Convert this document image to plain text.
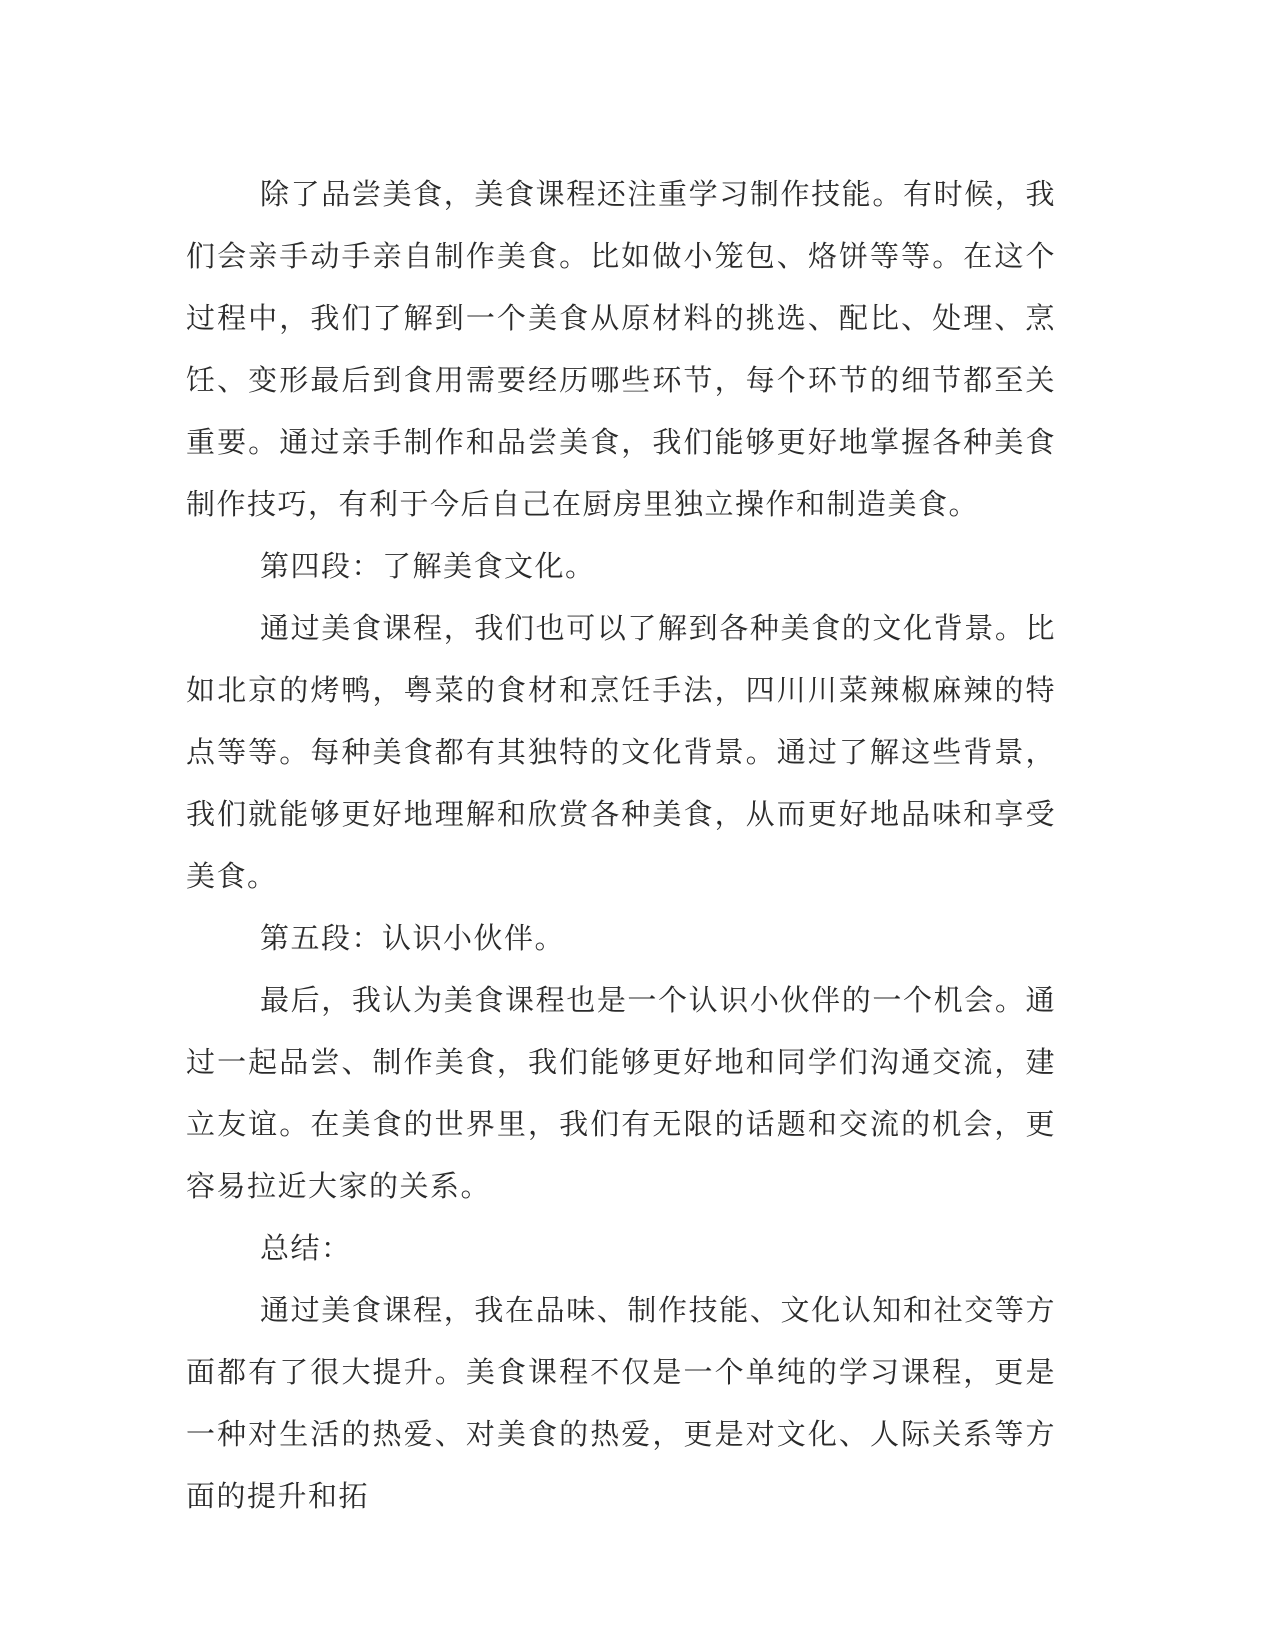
除了品尝美食，美食课程还注重学习制作技能。有时候，我们会亲手动手亲自制作美食。比如做小笼包、烙饼等等。在这个过程中，我们了解到一个美食从原材料的挑选、配比、处理、烹饪、变形最后到食用需要经历哪些环节，每个环节的细节都至关重要。通过亲手制作和品尝美食，我们能够更好地掌握各种美食制作技巧，有利于今后自己在厨房里独立操作和制造美食。

第四段：了解美食文化。

通过美食课程，我们也可以了解到各种美食的文化背景。比如北京的烤鸭，粤菜的食材和烹饪手法，四川川菜辣椒麻辣的特点等等。每种美食都有其独特的文化背景。通过了解这些背景，我们就能够更好地理解和欣赏各种美食，从而更好地品味和享受美食。

第五段：认识小伙伴。

最后，我认为美食课程也是一个认识小伙伴的一个机会。通过一起品尝、制作美食，我们能够更好地和同学们沟通交流，建立友谊。在美食的世界里，我们有无限的话题和交流的机会，更容易拉近大家的关系。

总结：

通过美食课程，我在品味、制作技能、文化认知和社交等方面都有了很大提升。美食课程不仅是一个单纯的学习课程，更是一种对生活的热爱、对美食的热爱，更是对文化、人际关系等方面的提升和拓
